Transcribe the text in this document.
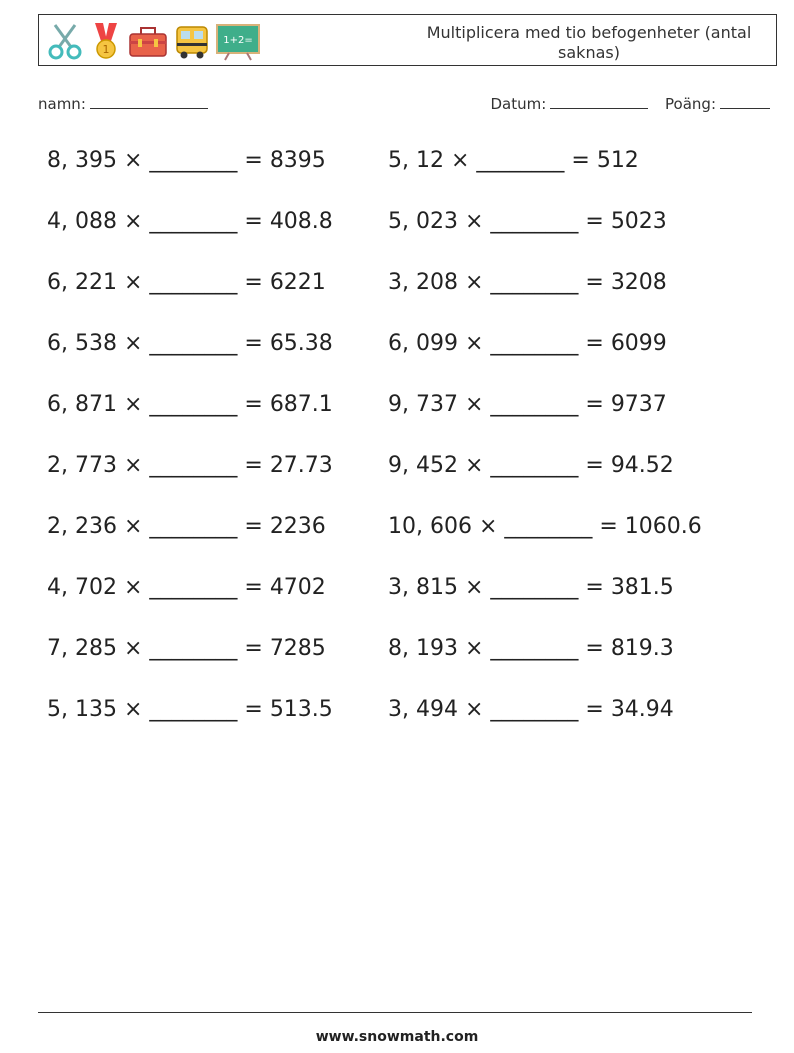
1
1+2=	Multiplicera med tio befogenheter (antal saknas)
namn:	Datum:	Poäng:
8, 395 × ________ = 8395	5, 12 × ________ = 512
4, 088 × ________ = 408.8	5, 023 × ________ = 5023
6, 221 × ________ = 6221	3, 208 × ________ = 3208
6, 538 × ________ = 65.38	6, 099 × ________ = 6099
6, 871 × ________ = 687.1	9, 737 × ________ = 9737
2, 773 × ________ = 27.73	9, 452 × ________ = 94.52
2, 236 × ________ = 2236	10, 606 × ________ = 1060.6
4, 702 × ________ = 4702	3, 815 × ________ = 381.5
7, 285 × ________ = 7285	8, 193 × ________ = 819.3
5, 135 × ________ = 513.5	3, 494 × ________ = 34.94
www.snowmath.com
